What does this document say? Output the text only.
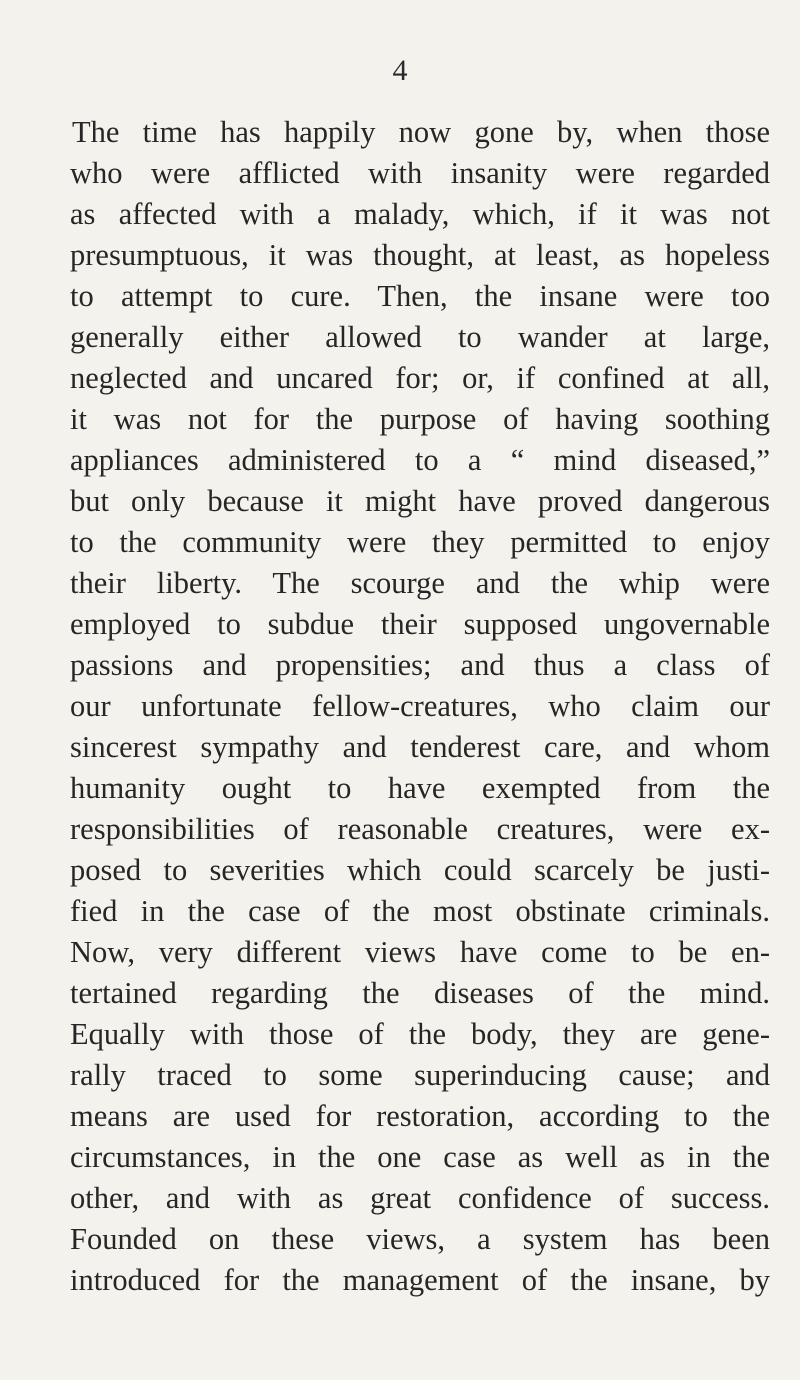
4
The time has happily now gone by, when those
who were afflicted with insanity were regarded
as affected with a malady, which, if it was not
presumptuous, it was thought, at least, as hopeless
to attempt to cure. Then, the insane were too
generally either allowed to wander at large,
neglected and uncared for; or, if confined at all,
it was not for the purpose of having soothing
appliances administered to a “ mind diseased,”
but only because it might have proved dangerous
to the community were they permitted to enjoy
their liberty. The scourge and the whip were
employed to subdue their supposed ungovernable
passions and propensities; and thus a class of
our unfortunate fellow-creatures, who claim our
sincerest sympathy and tenderest care, and whom
humanity ought to have exempted from the
responsibilities of reasonable creatures, were ex-
posed to severities which could scarcely be justi-
fied in the case of the most obstinate criminals.
Now, very different views have come to be en-
tertained regarding the diseases of the mind.
Equally with those of the body, they are gene-
rally traced to some superinducing cause; and
means are used for restoration, according to the
circumstances, in the one case as well as in the
other, and with as great confidence of success.
Founded on these views, a system has been
introduced for the management of the insane, by
